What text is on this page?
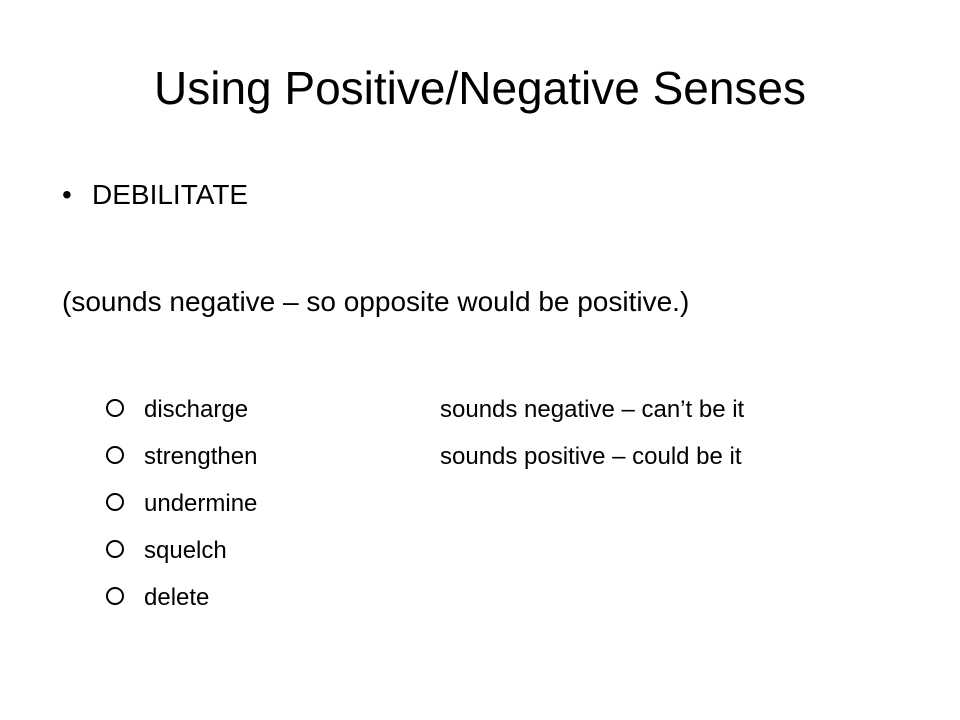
Using Positive/Negative Senses
• DEBILITATE
(sounds negative – so opposite would be positive.)
discharge	sounds negative – can’t be it
strengthen	sounds positive – could be it
undermine
squelch
delete
